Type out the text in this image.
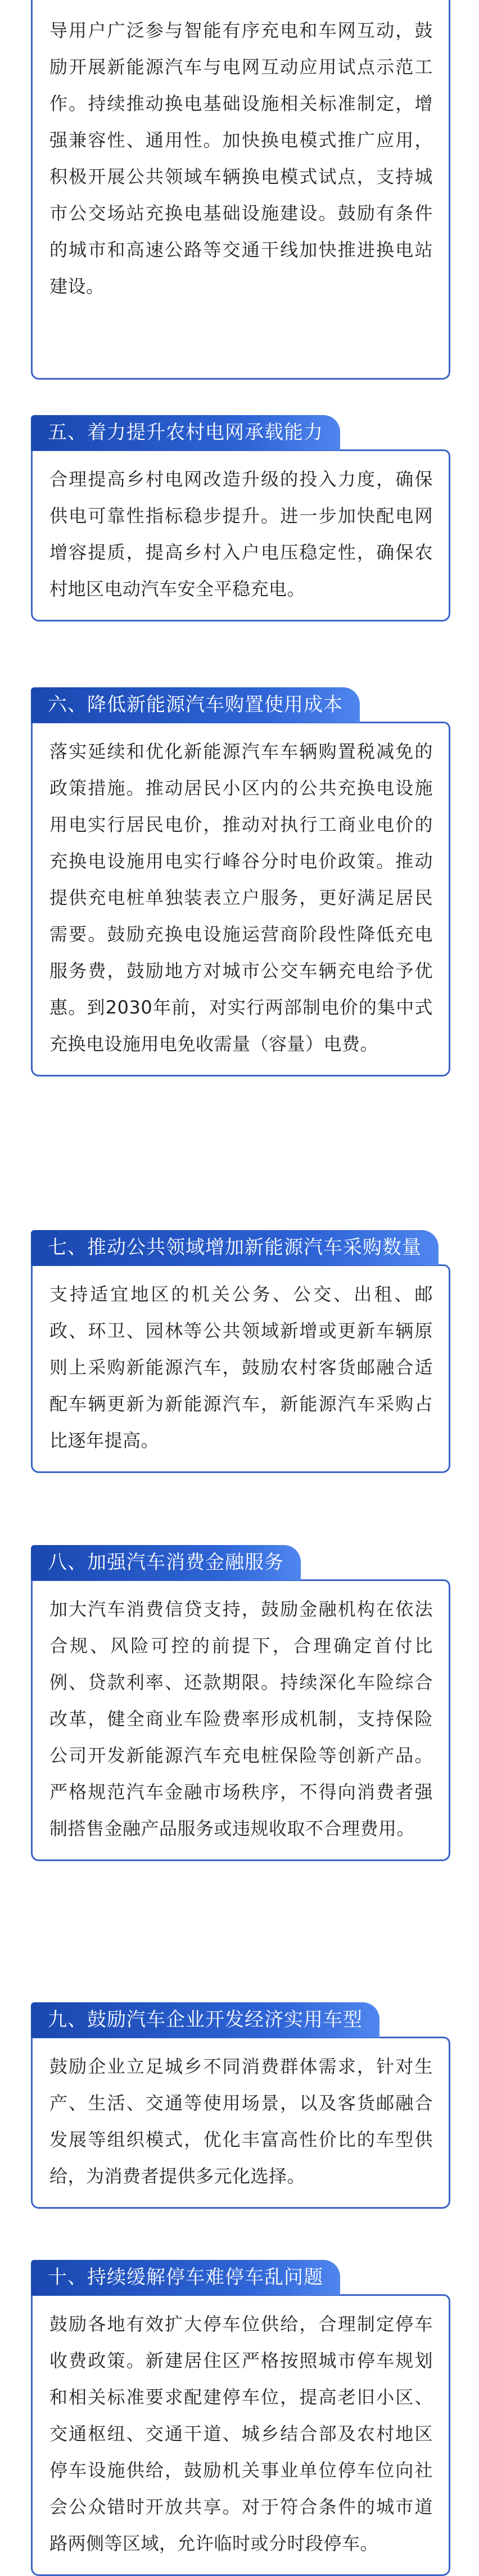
导用户广泛参与智能有序充电和车网互动，鼓励开展新能源汽车与电网互动应用试点示范工作。持续推动换电基础设施相关标准制定，增强兼容性、通用性。加快换电模式推广应用，积极开展公共领域车辆换电模式试点，支持城市公交场站充换电基础设施建设。鼓励有条件的城市和高速公路等交通干线加快推进换电站建设。

五、着力提升农村电网承载能力

合理提高乡村电网改造升级的投入力度，确保供电可靠性指标稳步提升。进一步加快配电网增容提质，提高乡村入户电压稳定性，确保农村地区电动汽车安全平稳充电。

六、降低新能源汽车购置使用成本

落实延续和优化新能源汽车车辆购置税减免的政策措施。推动居民小区内的公共充换电设施用电实行居民电价，推动对执行工商业电价的充换电设施用电实行峰谷分时电价政策。推动提供充电桩单独装表立户服务，更好满足居民需要。鼓励充换电设施运营商阶段性降低充电服务费，鼓励地方对城市公交车辆充电给予优惠。到2030年前，对实行两部制电价的集中式充换电设施用电免收需量（容量）电费。

七、推动公共领域增加新能源汽车采购数量

支持适宜地区的机关公务、公交、出租、邮政、环卫、园林等公共领域新增或更新车辆原则上采购新能源汽车，鼓励农村客货邮融合适配车辆更新为新能源汽车，新能源汽车采购占比逐年提高。

八、加强汽车消费金融服务

加大汽车消费信贷支持，鼓励金融机构在依法合规、风险可控的前提下，合理确定首付比例、贷款利率、还款期限。持续深化车险综合改革，健全商业车险费率形成机制，支持保险公司开发新能源汽车充电桩保险等创新产品。严格规范汽车金融市场秩序，不得向消费者强制搭售金融产品服务或违规收取不合理费用。

九、鼓励汽车企业开发经济实用车型

鼓励企业立足城乡不同消费群体需求，针对生产、生活、交通等使用场景，以及客货邮融合发展等组织模式，优化丰富高性价比的车型供给，为消费者提供多元化选择。

十、持续缓解停车难停车乱问题

鼓励各地有效扩大停车位供给，合理制定停车收费政策。新建居住区严格按照城市停车规划和相关标准要求配建停车位，提高老旧小区、交通枢纽、交通干道、城乡结合部及农村地区停车设施供给，鼓励机关事业单位停车位向社会公众错时开放共享。对于符合条件的城市道路两侧等区域，允许临时或分时段停车。
